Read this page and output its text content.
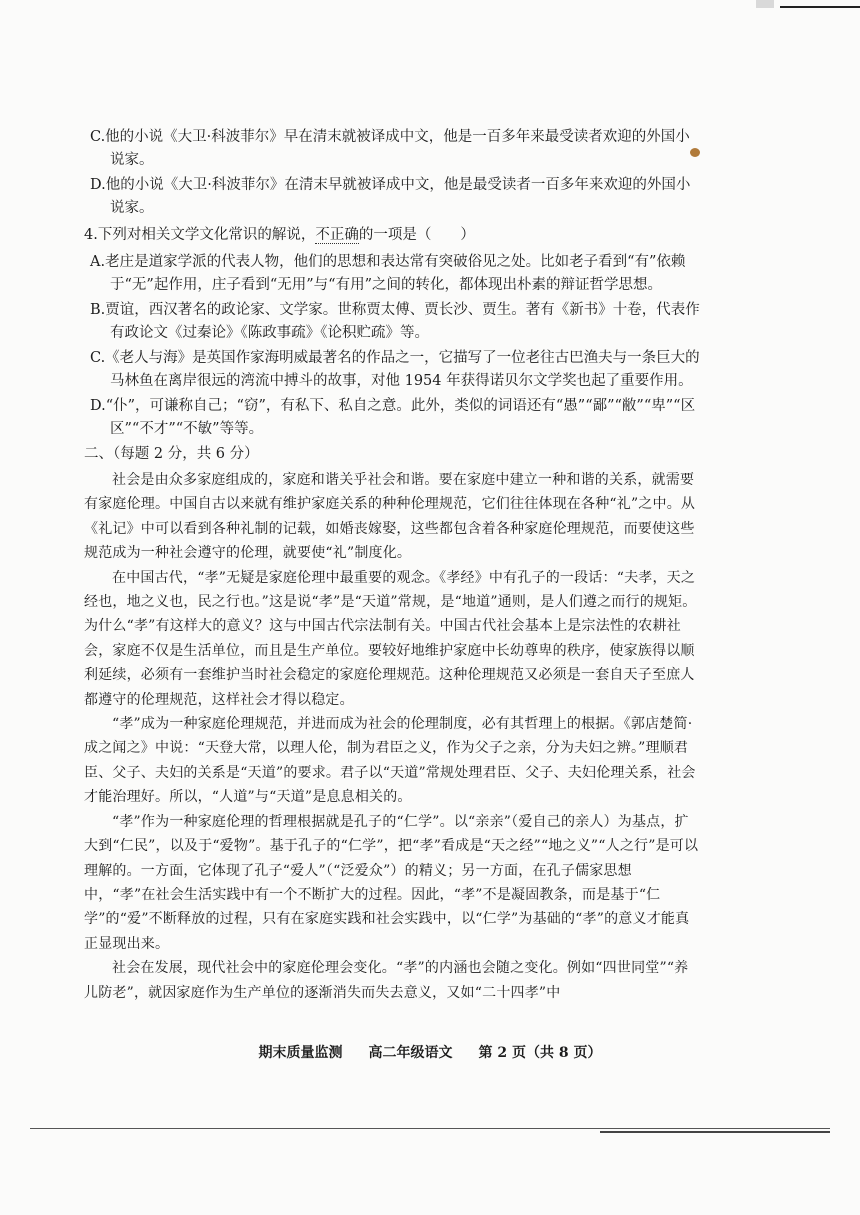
C.他的小说《大卫·科波菲尔》早在清末就被译成中文，他是一百多年来最受读者欢迎的外国小说家。
D.他的小说《大卫·科波菲尔》在清末早就被译成中文，他是最受读者一百多年来欢迎的外国小说家。
4.下列对相关文学文化常识的解说，不正确的一项是（　　）
A.老庄是道家学派的代表人物，他们的思想和表达常有突破俗见之处。比如老子看到“有”依赖于“无”起作用，庄子看到“无用”与“有用”之间的转化，都体现出朴素的辩证哲学思想。
B.贾谊，西汉著名的政论家、文学家。世称贾太傅、贾长沙、贾生。著有《新书》十卷，代表作有政论文《过秦论》《陈政事疏》《论积贮疏》等。
C.《老人与海》是英国作家海明威最著名的作品之一，它描写了一位老往古巴渔夫与一条巨大的马林鱼在离岸很远的湾流中搏斗的故事，对他 1954 年获得诺贝尔文学奖也起了重要作用。
D.“仆”，可谦称自己；“窃”，有私下、私自之意。此外，类似的词语还有“愚”“鄙”“敝”“卑”“区区”“不才”“不敏”等等。
二、（每题 2 分，共 6 分）

社会是由众多家庭组成的，家庭和谐关乎社会和谐。要在家庭中建立一种和谐的关系，就需要有家庭伦理。中国自古以来就有维护家庭关系的种种伦理规范，它们往往体现在各种“礼”之中。从《礼记》中可以看到各种礼制的记载，如婚丧嫁娶，这些都包含着各种家庭伦理规范，而要使这些规范成为一种社会遵守的伦理，就要使“礼”制度化。

在中国古代，“孝”无疑是家庭伦理中最重要的观念。《孝经》中有孔子的一段话：“夫孝，天之经也，地之义也，民之行也。”这是说“孝”是“天道”常规，是“地道”通则，是人们遵之而行的规矩。为什么“孝”有这样大的意义？这与中国古代宗法制有关。中国古代社会基本上是宗法性的农耕社会，家庭不仅是生活单位，而且是生产单位。要较好地维护家庭中长幼尊卑的秩序，使家族得以顺利延续，必须有一套维护当时社会稳定的家庭伦理规范。这种伦理规范又必须是一套自天子至庶人都遵守的伦理规范，这样社会才得以稳定。

“孝”成为一种家庭伦理规范，并进而成为社会的伦理制度，必有其哲理上的根据。《郭店楚简·成之闻之》中说：“天登大常，以理人伦，制为君臣之义，作为父子之亲，分为夫妇之辨。”理顺君臣、父子、夫妇的关系是“天道”的要求。君子以“天道”常规处理君臣、父子、夫妇伦理关系，社会才能治理好。所以，“人道”与“天道”是息息相关的。

“孝”作为一种家庭伦理的哲理根据就是孔子的“仁学”。以“亲亲”（爱自己的亲人）为基点，扩大到“仁民”，以及于“爱物”。基于孔子的“仁学”，把“孝”看成是“天之经”“地之义”“人之行”是可以理解的。一方面，它体现了孔子“爱人”（“泛爱众”）的精义；另一方面，在孔子儒家思想中，“孝”在社会生活实践中有一个不断扩大的过程。因此，“孝”不是凝固教条，而是基于“仁学”的“爱”不断释放的过程，只有在家庭实践和社会实践中，以“仁学”为基础的“孝”的意义才能真正显现出来。

社会在发展，现代社会中的家庭伦理会变化。“孝”的内涵也会随之变化。例如“四世同堂”“养儿防老”，就因家庭作为生产单位的逐渐消失而失去意义，又如“二十四孝”中

期末质量监测 高二年级语文 第 2 页（共 8 页）
